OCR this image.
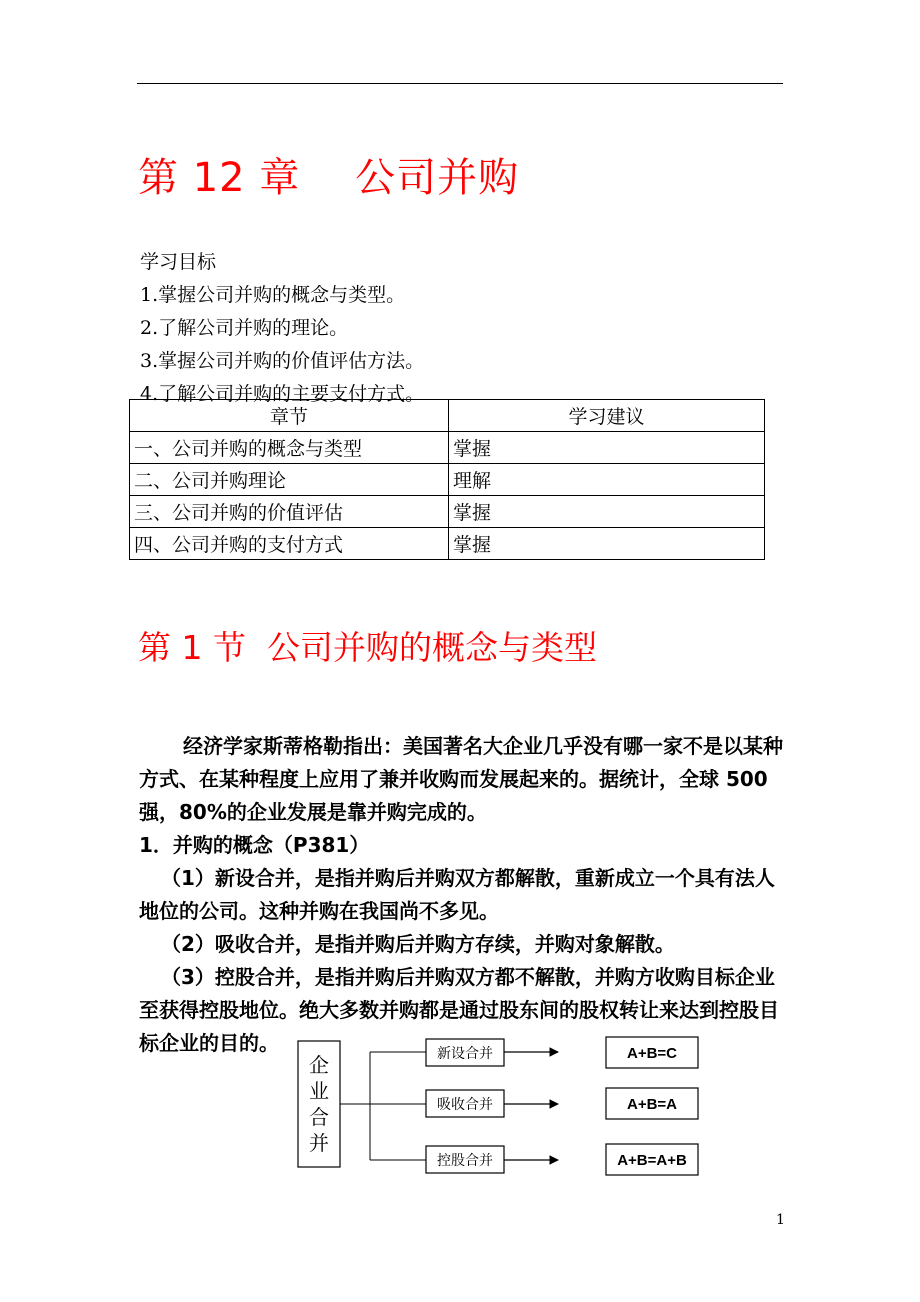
第 12 章    公司并购
学习目标
1.掌握公司并购的概念与类型。
2.了解公司并购的理论。
3.掌握公司并购的价值评估方法。
4.了解公司并购的主要支付方式。
章节	学习建议
一、公司并购的概念与类型	掌握
二、公司并购理论	理解
三、公司并购的价值评估	掌握
四、公司并购的支付方式	掌握
第 1 节  公司并购的概念与类型

经济学家斯蒂格勒指出：美国著名大企业几乎没有哪一家不是以某种方式、在某种程度上应用了兼并收购而发展起来的。据统计，全球 500 强，80%的企业发展是靠并购完成的。

1．并购的概念（P381）

（1）新设合并，是指并购后并购双方都解散，重新成立一个具有法人地位的公司。这种并购在我国尚不多见。

（2）吸收合并，是指并购后并购方存续，并购对象解散。

（3）控股合并，是指并购后并购双方都不解散，并购方收购目标企业至获得控股地位。绝大多数并购都是通过股东间的股权转让来达到控股目标企业的目的。

企
业
合
并
新设合并
吸收合并
控股合并
A+B=C
A+B=A
A+B=A+B
1
